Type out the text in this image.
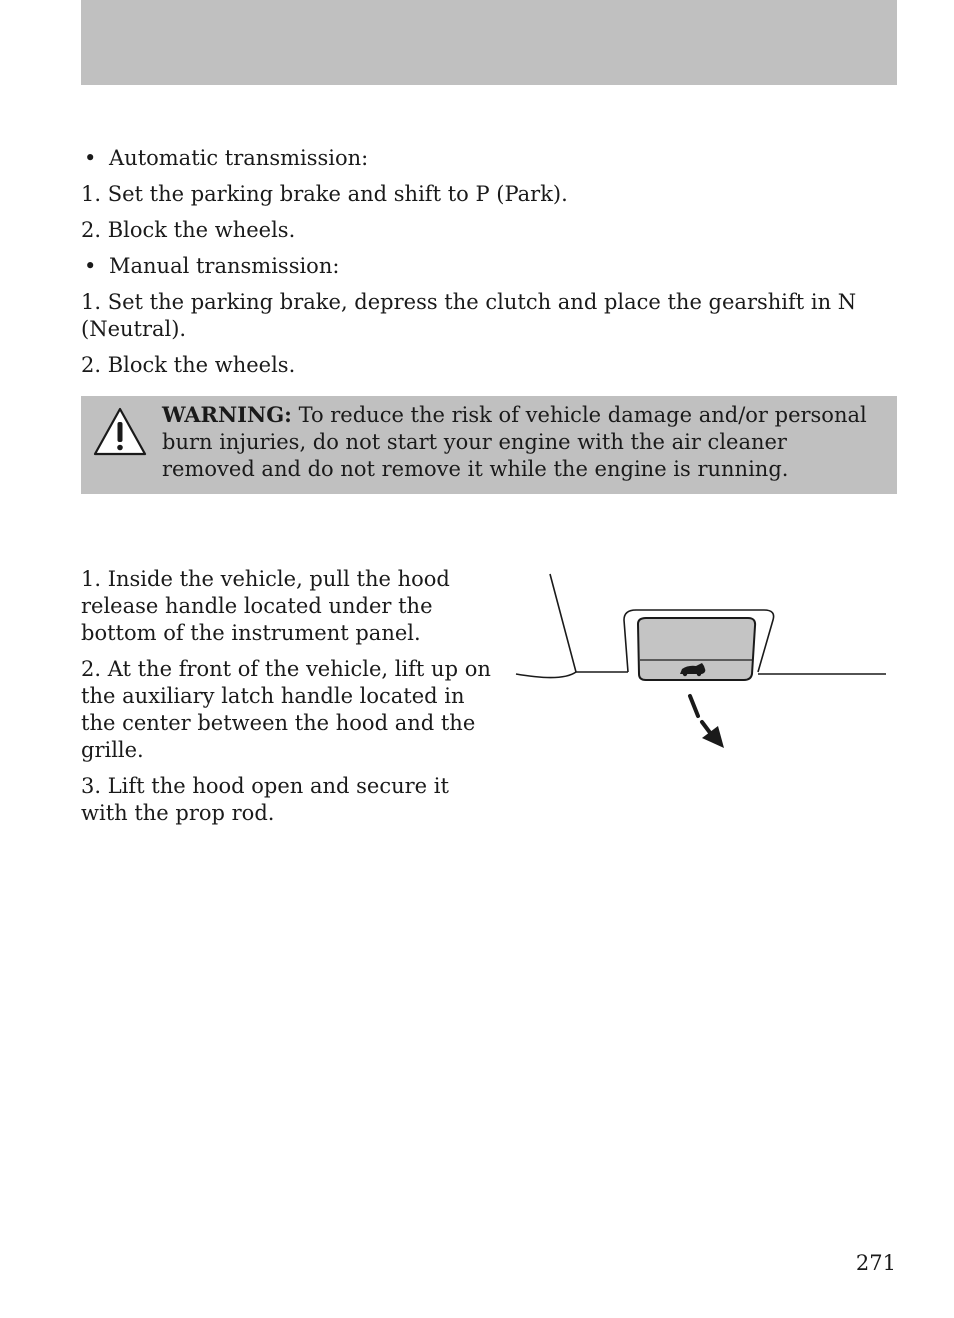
• Automatic transmission:

1. Set the parking brake and shift to P (Park).

2. Block the wheels.

• Manual transmission:

1. Set the parking brake, depress the clutch and place the gearshift in N (Neutral).

2. Block the wheels.

WARNING: To reduce the risk of vehicle damage and/or personal burn injuries, do not start your engine with the air cleaner removed and do not remove it while the engine is running.

1. Inside the vehicle, pull the hood release handle located under the bottom of the instrument panel.

2. At the front of the vehicle, lift up on the auxiliary latch handle located in the center between the hood and the grille.

3. Lift the hood open and secure it with the prop rod.

271
